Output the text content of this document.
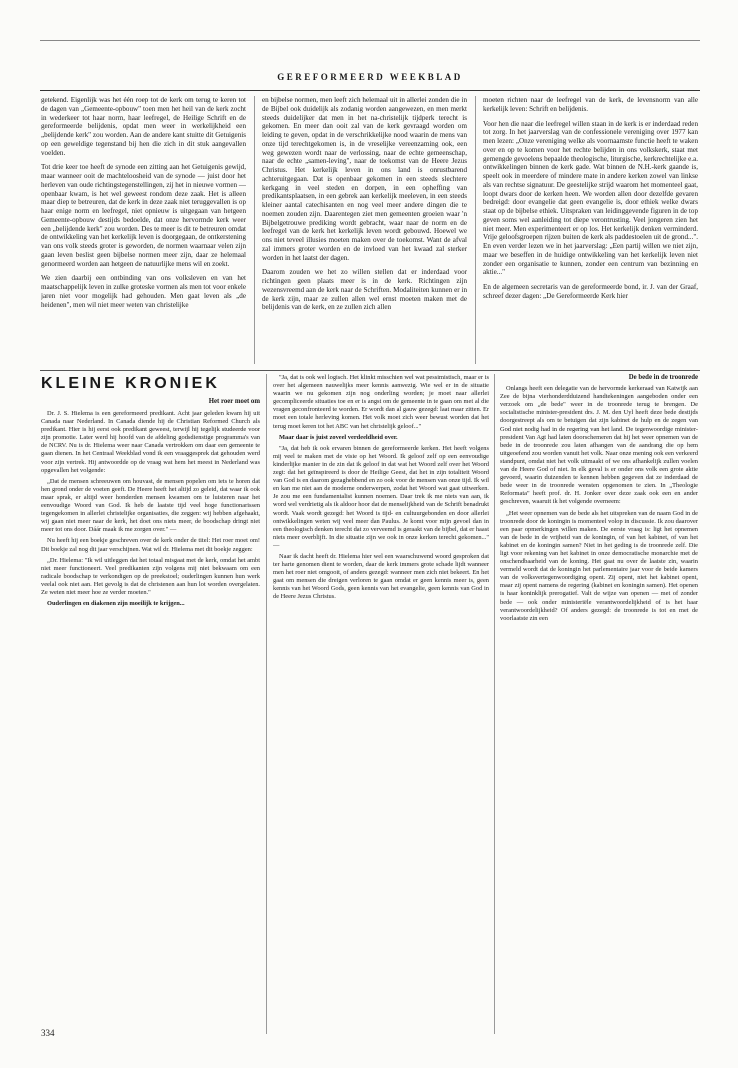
GEREFORMEERD WEEKBLAD

getekend. Eigenlijk was het één roep tot de kerk om terug te keren tot de dagen van „Gemeente-opbouw" toen men het heil van de kerk zocht in wederkeer tot haar norm, haar leefregel, de Heilige Schrift en de gereformeerde belijdenis, opdat men weer in werkelijkheid een „belijdende kerk" zou worden. Aan de andere kant stuitte dit Getuigenis op een geweldige tegenstand bij hen die zich in dit stuk aangevallen voelden.

Tot drie keer toe heeft de synode een zitting aan het Getuigenis gewijd, maar wanneer ooit de machteloosheid van de synode — juist door het herleven van oude richtingstegenstellingen, zij het in nieuwe vormen — openbaar kwam, is het wel geweest rondom deze zaak. Het is alleen maar diep te betreuren, dat de kerk in deze zaak niet teruggevallen is op haar enige norm en leefregel, niet opnieuw is uitgegaan van hetgeen Gemeente-opbouw destijds bedoelde, dat onze hervormde kerk weer een „belijdende kerk" zou worden. Des te meer is dit te betreuren omdat de ontwikkeling van het kerkelijk leven is doorgegaan, de ontkerstening van ons volk steeds groter is geworden, de normen waarnaar velen zijn gaan leven beslist geen bijbelse normen meer zijn, daar ze helemaal genormeerd worden aan hetgeen de natuurlijke mens wil en zoekt.

We zien daarbij een ontbinding van ons volksleven en van het maatschappelijk leven in zulke groteske vormen als men tot voor enkele jaren niet voor mogelijk had gehouden. Men gaat leven als „de heidenen", men wil niet meer weten van christelijke

en bijbelse normen, men leeft zich helemaal uit in allerlei zonden die in de Bijbel ook duidelijk als zodanig worden aangewezen, en men merkt steeds duidelijker dat men in het na-christelijk tijdperk terecht is gekomen. En meer dan ooit zal van de kerk gevraagd worden om leiding te geven, opdat in de verschrikkelijke nood waarin de mens van onze tijd terechtgekomen is, in de vreselijke vereenzaming ook, een weg gewezen wordt naar de verlossing, naar de echte gemeenschap, naar de echte „samen-leving", naar de toekomst van de Heere Jezus Christus. Het kerkelijk leven in ons land is onrustbarend achteruitgegaan. Dat is openbaar gekomen in een steeds slechtere kerkgang in veel steden en dorpen, in een opheffing van predikantsplaatsen, in een gebrek aan kerkelijk meeleven, in een steeds kleiner aantal catechisanten en nog veel meer andere dingen die te noemen zouden zijn. Daarentegen ziet men gemeenten groeien waar 'n Bijbelgetrouwe prediking wordt gebracht, waar naar de norm en de leefregel van de kerk het kerkelijk leven wordt gebouwd. Hoewel we ons niet teveel illusies moeten maken over de toekomst. Want de afval zal immers groter worden en de invloed van het kwaad zal sterker worden in het laatst der dagen.

Daarom zouden we het zo willen stellen dat er inderdaad voor richtingen geen plaats meer is in de kerk. Richtingen zijn wezensvreemd aan de kerk naar de Schriften. Modaliteiten kunnen er in de kerk zijn, maar ze zullen allen wel ernst moeten maken met de belijdenis van de kerk, en ze zullen zich allen

moeten richten naar de leefregel van de kerk, de levensnorm van alle kerkelijk leven: Schrift en belijdenis.

Voor hen die naar die leefregel willen staan in de kerk is er inderdaad reden tot zorg. In het jaarverslag van de confessionele vereniging over 1977 kan men lezen: „Onze vereniging welke als voornaamste functie heeft te waken over en op te komen voor het rechte belijden in ons volkskerk, staat met gemengde gevoelens bepaalde theologische, liturgische, kerkrechtelijke e.a. ontwikkelingen binnen de kerk gade. Wat binnen de N.H.-kerk gaande is, speelt ook in meerdere of mindere mate in andere kerken zowel van linkse als van rechtse signatuur. De geestelijke strijd waarom het momenteel gaat, loopt dwars door de kerken heen. We worden allen door dezelfde gevaren bedreigd: door evangelie dat geen evangelie is, door ethiek welke dwars staat op de bijbelse ethiek. Uitspraken van leidinggevende figuren in de top geven soms wel aanleiding tot diepe verontrusting. Veel jongeren zien het niet meer. Men experimenteert er op los. Het kerkelijk denken verminderd. Vrije geloofsgroepen rijzen buiten de kerk als paddestoelen uit de grond...". En even verder lezen we in het jaarverslag: „Een partij willen we niet zijn, maar we beseffen in de huidige ontwikkeling van het kerkelijk leven niet zonder een organisatie te kunnen, zonder een centrum van bezinning en aktie..."

En de algemeen secretaris van de gereformeerde bond, ir. J. van der Graaf, schreef dezer dagen: „De Gereformeerde Kerk hier

KLEINE KRONIEK
Het roer moet om

Dr. J. S. Hielema is een gereformeerd predikant. Acht jaar geleden kwam hij uit Canada naar Nederland. In Canada diende hij de Christian Reformed Church als predikant. Hier is hij eerst ook predikant geweest, terwijl hij tegelijk studeerde voor zijn promotie. Later werd hij hoofd van de afdeling godsdienstige programma's van de NCRV. Nu is dr. Hielema weer naar Canada vertrokken om daar een gemeente te gaan dienen. In het Centraal Weekblad vond ik een vraaggesprek dat gehouden werd voor zijn vertrek. Hij antwoordde op de vraag wat hem het meest in Nederland was opgevallen het volgende:

„Dat de mensen schreeuwen om houvast, de mensen popelen om iets te horen dat hen grond onder de voeten geeft. De Heere heeft het altijd zo geleid, dat waar ik ook maar sprak, er altijd weer honderden mensen kwamen om te luisteren naar het eenvoudige Woord van God. Ik heb de laatste tijd veel hoge functionarissen tegengekomen in allerlei christelijke organisaties, die zeggen: wij hebben afgehaakt, wij gaan niet meer naar de kerk, het doet ons niets meer, de boodschap dringt niet meer tot ons door. Dáár maak ik me zorgen over." —

Nu heeft hij een boekje geschreven over de kerk onder de titel: Het roer moet om! Dit boekje zal nog dit jaar verschijnen. Wat wil dr. Hielema met dit boekje zeggen:

„Dr. Hielema: "Ik wil uitleggen dat het totaal misgaat met de kerk, omdat het ambt niet meer functioneert. Veel predikanten zijn volgens mij niet bekwaam om een radicale boodschap te verkondigen op de preekstoel; ouderlingen kunnen hun werk veelal ook niet aan. Het gevolg is dat de christenen aan hun lot worden overgelaten. Ze weten niet meer hoe ze verder moeten."

Ouderlingen en diakenen zijn moeilijk te krijgen...

"Ja, dat is ook wel logisch. Het klinkt misschien wel wat pessimistisch, maar er is over het algemeen nauwelijks meer kennis aanwezig. Wie wel er in de situatie waarin we nu gekomen zijn nog onderling worden; je moet naar allerlei gecompliceerde situaties toe en er is angst om de gemeente in te gaan om met al die vragen geconfronteerd te worden. Er wordt dan al gauw gezegd: laat maar zitten. Er moet een totale herleving komen. Het volk moet zich weer bewust worden dat het terug moet keren tot het ABC van het christelijk geloof..."

Maar daar is juist zoveel verdeeldheid over.

"Ja, dat heb ik ook ervaren binnen de gereformeerde kerken. Het heeft volgens mij veel te maken met de visie op het Woord. Ik geloof zelf op een eenvoudige kinderlijke manier in de zin dat ik geloof in dat wat het Woord zelf over het Woord zegt: dat het geïnspireerd is door de Heilige Geest, dat het in zijn totaliteit Woord van God is en daarom gezaghebbend en zo ook voor de mensen van onze tijd. Ik wil en kan me niet aan de moderne onderwerpen, zodat het Woord wat gaat uitwerken. Je zou me een fundamentalist kunnen noemen. Daar trek ik me niets van aan, ik word wel verdrietig als ik aldoor hoor dat de menselijkheid van de Schrift benadrukt wordt. Vaak wordt gezegd: het Woord is tijd- en cultuurgebonden en door allerlei ontwikkelingen weten wij veel meer dan Paulus. Je komt voor mijn gevoel dan in een theologisch denken terecht dat zo verveemd is geraakt van de bijbel, dat er haast niets meer overblijft. In die situatie zijn we ook in onze kerken terecht gekomen..." —

Naar ik dacht heeft dr. Hielema hier wel een waarschuwend woord gesproken dat ter harte genomen dient te worden, daar de kerk immers grote schade lijdt wanneer men het roer niet omgooit, of anders gezegd: wanneer men zich niet bekeert. En het gaat om mensen die dreigen verloren te gaan omdat er geen kennis meer is, geen kennis van het Woord Gods, geen kennis van het evangelie, geen kennis van God in de Heere Jezus Christus.

De bede in de troonrede

Onlangs heeft een delegatie van de hervormde kerkeraad van Katwijk aan Zee de bijna vierhonderdduizend handtekeningen aangeboden onder een verzoek om „de bede" weer in de troonrede terug te brengen. De socialistische minister-president drs. J. M. den Uyl heeft deze bede destijds doorgestreept als om te betuigen dat zijn kabinet de hulp en de zegen van God niet nodig had in de regering van het land. De tegenwoordige minister-president Van Agt had laten doorschemeren dat hij het weer opnemen van de bede in de troonrede zou laten afhangen van de aandrang die op hem uitgeoefend zou worden vanuit het volk. Naar onze mening ook een verkeerd standpunt, omdat niet het volk uitmaakt of we ons afhankelijk zullen voelen van de Heere God of niet. In elk geval is er onder ons volk een grote aktie gevoerd, waarin duizenden te kennen hebben gegeven dat ze inderdaad de bede weer in de troonrede wensten opgenomen te zien. In „Theologie Reformata" heeft prof. dr. H. Jonker over deze zaak ook een en ander geschreven, waaruit ik het volgende overneem:

„Het weer opnemen van de bede als het uitspreken van de naam God in de troonrede door de koningin is momenteel volop in discussie. Ik zou daarover een paar opmerkingen willen maken. De eerste vraag is: ligt het opnemen van de bede in de vrijheid van de koningin, of van het kabinet, of van het kabinet en de koningin samen? Niet in het geding is de troonrede zelf. Die ligt voor rekening van het kabinet in onze democratische monarchie met de onschendbaarheid van de koning. Het gaat nu over de laatste zin, waarin vermeld wordt dat de koningin het parlementaire jaar voor de beide kamers van de volksvertegenwoordiging opent. Zij opent, niet het kabinet opent, maar zij opent namens de regering (kabinet en koningin samen). Het openen is haar koninklijk prerogatief. Valt de wijze van openen — met of zonder bede — ook onder ministeriële verantwoordelijkheid of is het haar verantwoordelijkheid? Of anders gezegd: de troonrede is tot en met de voorlaatste zin een

334
